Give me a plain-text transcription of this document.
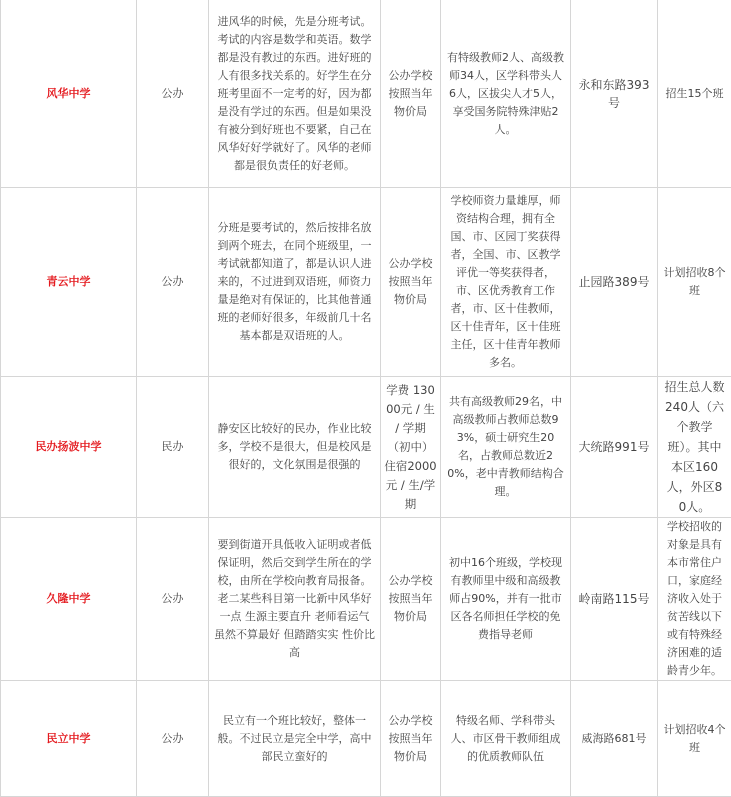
风华中学	公办	进风华的时候，先是分班考试。考试的内容是数学和英语。数学都是没有教过的东西。进好班的人有很多找关系的。好学生在分班考里面不一定考的好，因为都是没有学过的东西。但是如果没有被分到好班也不要紧，自己在风华好好学就好了。风华的老师都是很负责任的好老师。	公办学校按照当年物价局	有特级教师2人、高级教师34人，区学科带头人6人，区拔尖人才5人，享受国务院特殊津贴2人。	永和东路393号	招生15个班
青云中学	公办	分班是要考试的，然后按排名放到两个班去，在同个班级里，一考试就都知道了，都是认识人进来的，不过进到双语班，师资力量是绝对有保证的，比其他普通班的老师好很多，年级前几十名基本都是双语班的人。	公办学校按照当年物价局	学校师资力量雄厚，师资结构合理，拥有全国、市、区园丁奖获得者，全国、市、区教学评优一等奖获得者，市、区优秀教育工作者，市、区十佳教师，区十佳青年，区十佳班主任，区十佳青年教师多名。	止园路389号	计划招收8个班
民办扬波中学	民办	静安区比较好的民办，作业比较多，学校不是很大，但是校风是很好的，文化氛围是很强的	学费 13000元 / 生 / 学期（初中）住宿2000元 / 生/学期	共有高级教师29名，中高级教师占教师总数93%，硕士研究生20名，占教师总数近20%，老中青教师结构合理。	大统路991号	招生总人数240人（六个教学班）。其中本区160人，外区80人。
久隆中学	公办	要到街道开具低收入证明或者低保证明，然后交到学生所在的学校，由所在学校向教育局报备。老二某些科目第一比新中风华好一点 生源主要直升 老师看运气 虽然不算最好 但踏踏实实 性价比高	公办学校按照当年物价局	初中16个班级，学校现有教师里中级和高级教师占90%，并有一批市区各名师担任学校的免费指导老师	岭南路115号	学校招收的对象是具有本市常住户口，家庭经济收入处于贫苦线以下或有特殊经济困难的适龄青少年。
民立中学	公办	民立有一个班比较好，整体一般。不过民立是完全中学，高中部民立蛮好的	公办学校按照当年物价局	特级名师、学科带头人、市区骨干教师组成的优质教师队伍	威海路681号	计划招收4个班
